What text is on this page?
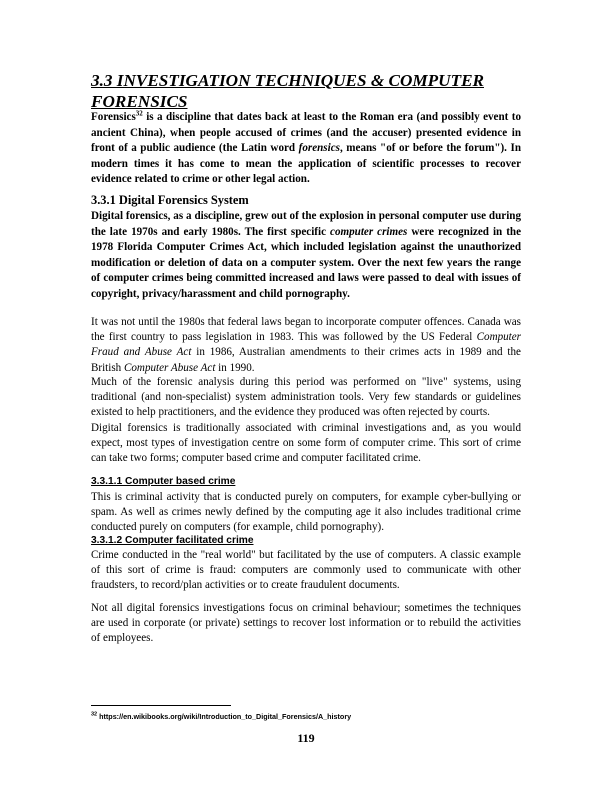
3.3 INVESTIGATION TECHNIQUES & COMPUTER
FORENSICS

Forensics$^{32}$ is a discipline that dates back at least to the Roman era (and possibly event to ancient China), when people accused of crimes (and the accuser) presented evidence in front of a public audience (the Latin word forensics, means "of or before the forum"). In modern times it has come to mean the application of scientific processes to recover evidence related to crime or other legal action.

3.3.1 Digital Forensics System

Digital forensics, as a discipline, grew out of the explosion in personal computer use during the late 1970s and early 1980s. The first specific computer crimes were recognized in the 1978 Florida Computer Crimes Act, which included legislation against the unauthorized modification or deletion of data on a computer system. Over the next few years the range of computer crimes being committed increased and laws were passed to deal with issues of copyright, privacy/harassment and child pornography.

It was not until the 1980s that federal laws began to incorporate computer offences. Canada was the first country to pass legislation in 1983. This was followed by the US Federal Computer Fraud and Abuse Act in 1986, Australian amendments to their crimes acts in 1989 and the British Computer Abuse Act in 1990.

Much of the forensic analysis during this period was performed on "live" systems, using traditional (and non-specialist) system administration tools. Very few standards or guidelines existed to help practitioners, and the evidence they produced was often rejected by courts.

Digital forensics is traditionally associated with criminal investigations and, as you would expect, most types of investigation centre on some form of computer crime. This sort of crime can take two forms; computer based crime and computer facilitated crime.

3.3.1.1 Computer based crime

This is criminal activity that is conducted purely on computers, for example cyber-bullying or spam. As well as crimes newly defined by the computing age it also includes traditional crime conducted purely on computers (for example, child pornography).

3.3.1.2 Computer facilitated crime

Crime conducted in the "real world" but facilitated by the use of computers. A classic example of this sort of crime is fraud: computers are commonly used to communicate with other fraudsters, to record/plan activities or to create fraudulent documents.

Not all digital forensics investigations focus on criminal behaviour; sometimes the techniques are used in corporate (or private) settings to recover lost information or to rebuild the activities of employees.

$^{32}$ https://en.wikibooks.org/wiki/Introduction_to_Digital_Forensics/A_history
119
